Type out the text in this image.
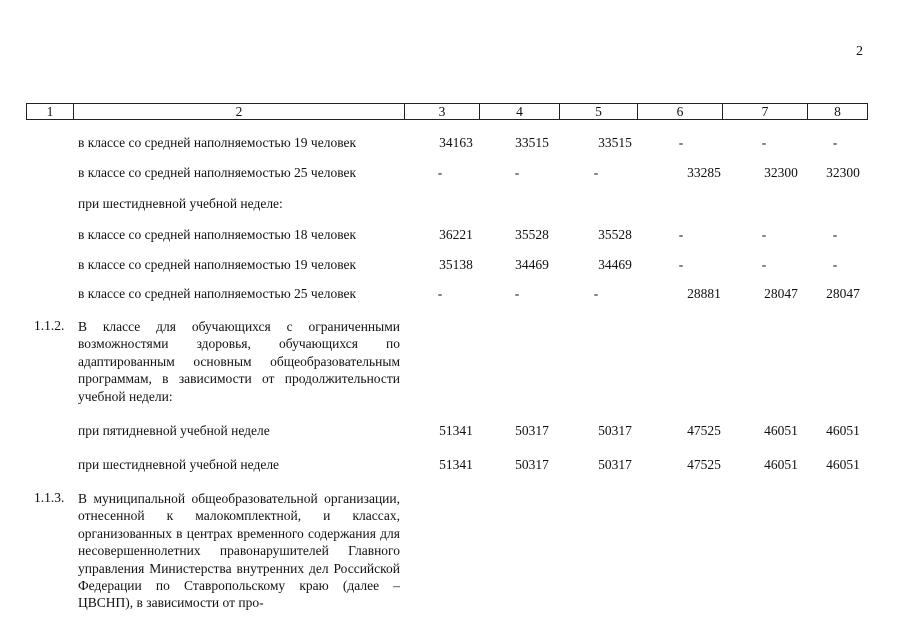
2
1	2	3	4	5	6	7	8
в классе со средней наполняемостью 19 человек	34163	33515	33515	-	-	-
в классе со средней наполняемостью 25 человек	-	-	-	33285	32300	32300
при шестидневной учебной неделе:
в классе со средней наполняемостью 18 человек	36221	35528	35528	-	-	-
в классе со средней наполняемостью 19 человек	35138	34469	34469	-	-	-
в классе со средней наполняемостью 25 человек	-	-	-	28881	28047	28047
1.1.2. В классе для обучающихся с ограниченными возможностями здоровья, обучающихся по адаптированным основным общеобразовательным программам, в зависимости от продолжительности учебной недели:
при пятидневной учебной неделе	51341	50317	50317	47525	46051	46051
при шестидневной учебной неделе	51341	50317	50317	47525	46051	46051
1.1.3. В муниципальной общеобразовательной организации, отнесенной к малокомплектной, и классах, организованных в центрах временного содержания для несовершеннолетних правонарушителей Главного управления Министерства внутренних дел Российской Федерации по Ставропольскому краю (далее – ЦВСНП), в зависимости от про-
